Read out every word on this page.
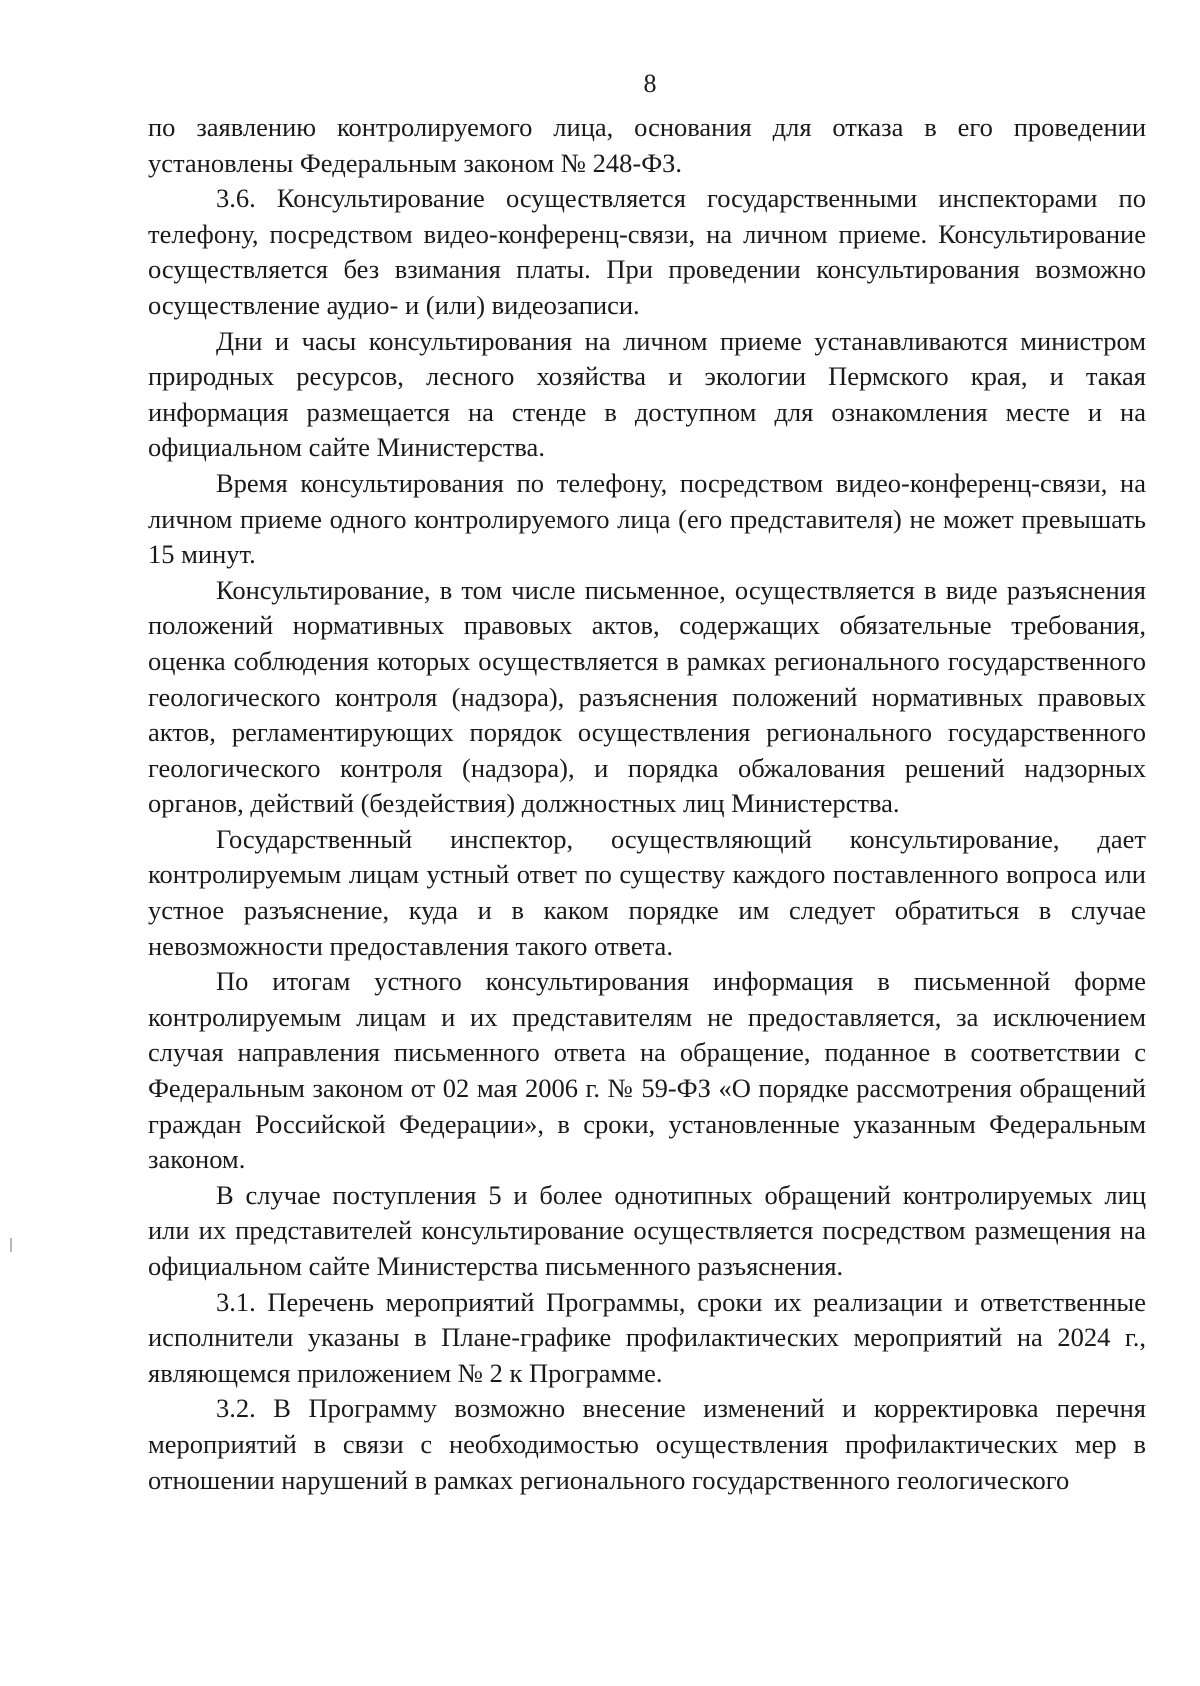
8

по заявлению контролируемого лица, основания для отказа в его проведении установлены Федеральным законом № 248-ФЗ.

3.6. Консультирование осуществляется государственными инспекторами по телефону, посредством видео-конференц-связи, на личном приеме. Консультирование осуществляется без взимания платы. При проведении консультирования возможно осуществление аудио- и (или) видеозаписи.

Дни и часы консультирования на личном приеме устанавливаются министром природных ресурсов, лесного хозяйства и экологии Пермского края, и такая информация размещается на стенде в доступном для ознакомления месте и на официальном сайте Министерства.

Время консультирования по телефону, посредством видео-конференц-связи, на личном приеме одного контролируемого лица (его представителя) не может превышать 15 минут.

Консультирование, в том числе письменное, осуществляется в виде разъяснения положений нормативных правовых актов, содержащих обязательные требования, оценка соблюдения которых осуществляется в рамках регионального государственного геологического контроля (надзора), разъяснения положений нормативных правовых актов, регламентирующих порядок осуществления регионального государственного геологического контроля (надзора), и порядка обжалования решений надзорных органов, действий (бездействия) должностных лиц Министерства.

Государственный инспектор, осуществляющий консультирование, дает контролируемым лицам устный ответ по существу каждого поставленного вопроса или устное разъяснение, куда и в каком порядке им следует обратиться в случае невозможности предоставления такого ответа.

По итогам устного консультирования информация в письменной форме контролируемым лицам и их представителям не предоставляется, за исключением случая направления письменного ответа на обращение, поданное в соответствии с Федеральным законом от 02 мая 2006 г. № 59-ФЗ «О порядке рассмотрения обращений граждан Российской Федерации», в сроки, установленные указанным Федеральным законом.

В случае поступления 5 и более однотипных обращений контролируемых лиц или их представителей консультирование осуществляется посредством размещения на официальном сайте Министерства письменного разъяснения.

3.1. Перечень мероприятий Программы, сроки их реализации и ответственные исполнители указаны в Плане-графике профилактических мероприятий на 2024 г., являющемся приложением № 2 к Программе.

3.2. В Программу возможно внесение изменений и корректировка перечня мероприятий в связи с необходимостью осуществления профилактических мер в отношении нарушений в рамках регионального государственного геологического
